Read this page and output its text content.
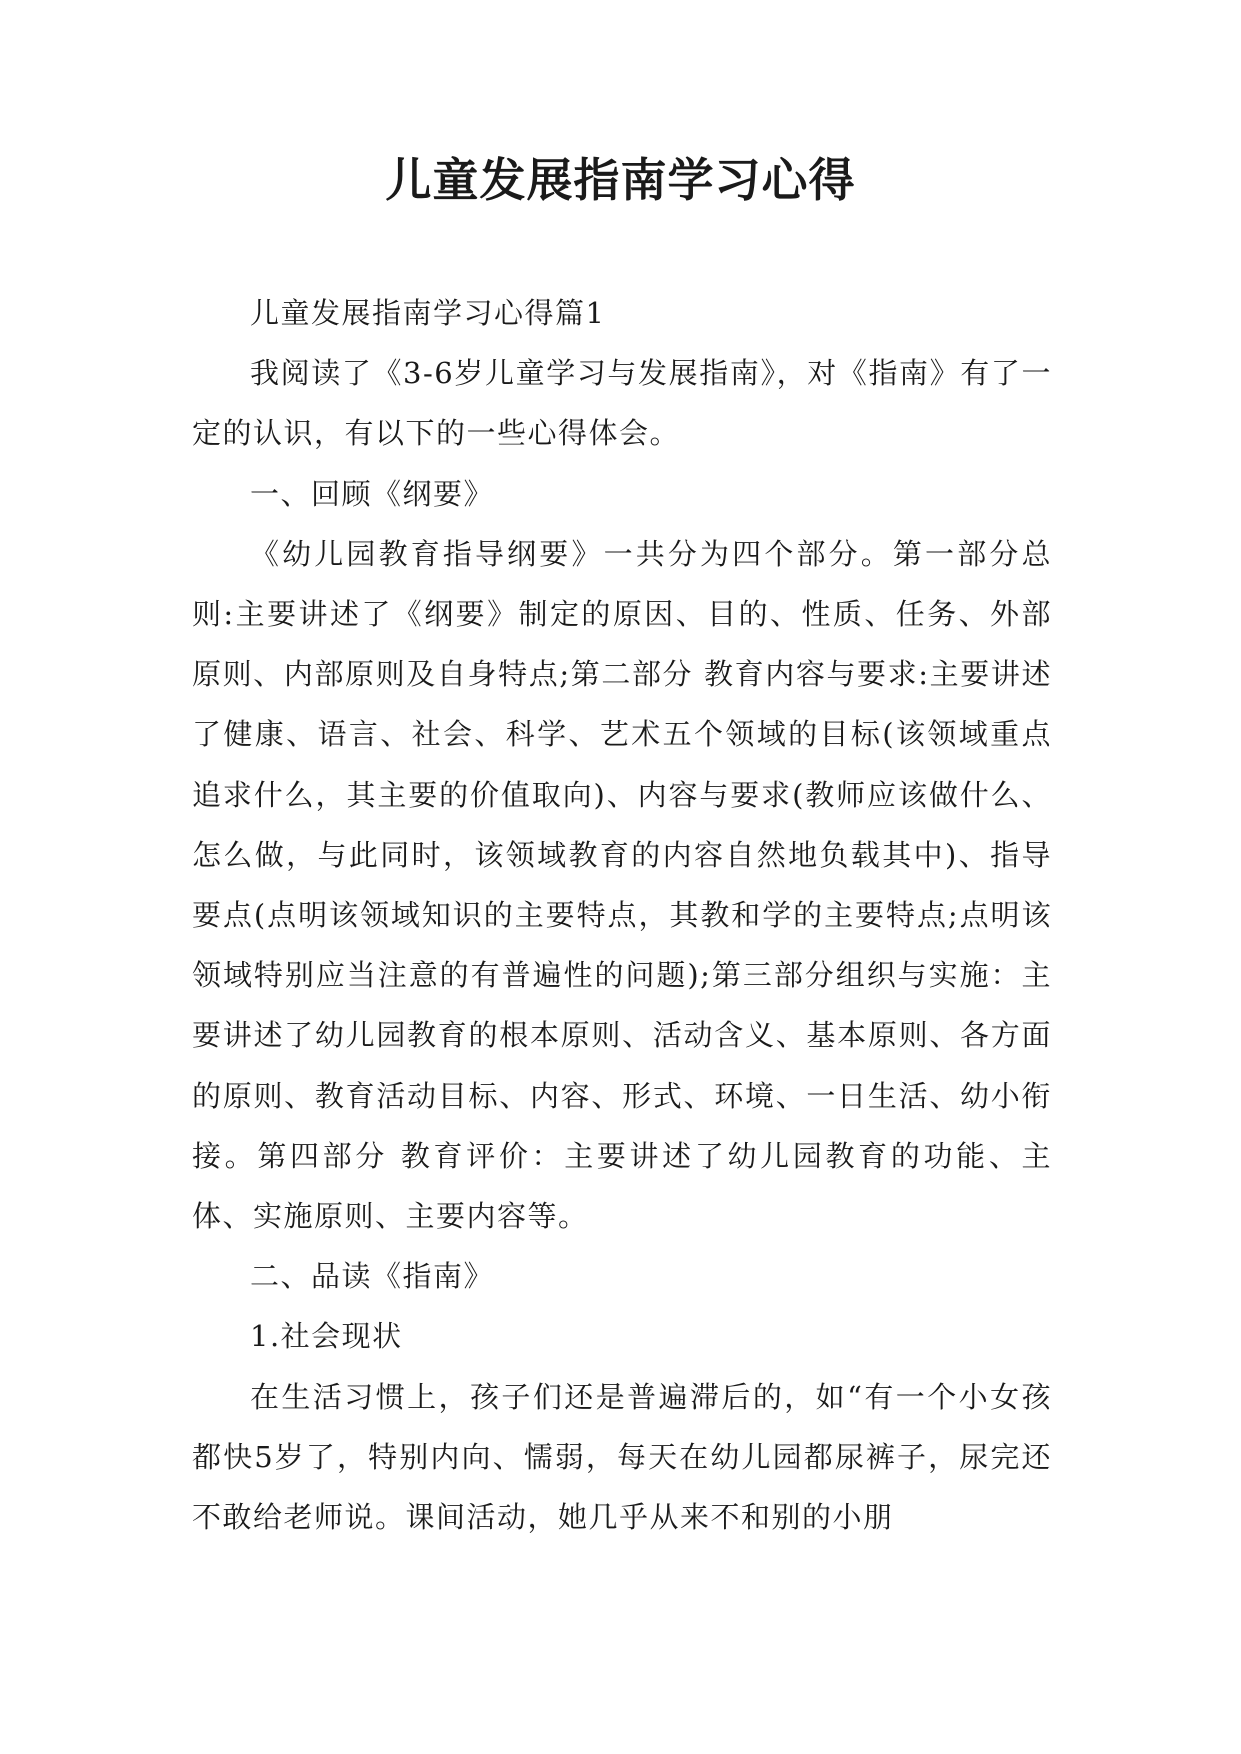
儿童发展指南学习心得

儿童发展指南学习心得篇1

我阅读了《3-6岁儿童学习与发展指南》，对《指南》有了一定的认识，有以下的一些心得体会。

一、回顾《纲要》

《幼儿园教育指导纲要》一共分为四个部分。第一部分总则:主要讲述了《纲要》制定的原因、目的、性质、任务、外部原则、内部原则及自身特点;第二部分 教育内容与要求:主要讲述了健康、语言、社会、科学、艺术五个领域的目标(该领域重点追求什么，其主要的价值取向)、内容与要求(教师应该做什么、怎么做，与此同时，该领域教育的内容自然地负载其中)、指导要点(点明该领域知识的主要特点，其教和学的主要特点;点明该领域特别应当注意的有普遍性的问题);第三部分组织与实施：主要讲述了幼儿园教育的根本原则、活动含义、基本原则、各方面的原则、教育活动目标、内容、形式、环境、一日生活、幼小衔接。第四部分 教育评价：主要讲述了幼儿园教育的功能、主体、实施原则、主要内容等。

二、品读《指南》

1.社会现状

在生活习惯上，孩子们还是普遍滞后的，如“有一个小女孩都快5岁了，特别内向、懦弱，每天在幼儿园都尿裤子，尿完还不敢给老师说。课间活动，她几乎从来不和别的小朋
